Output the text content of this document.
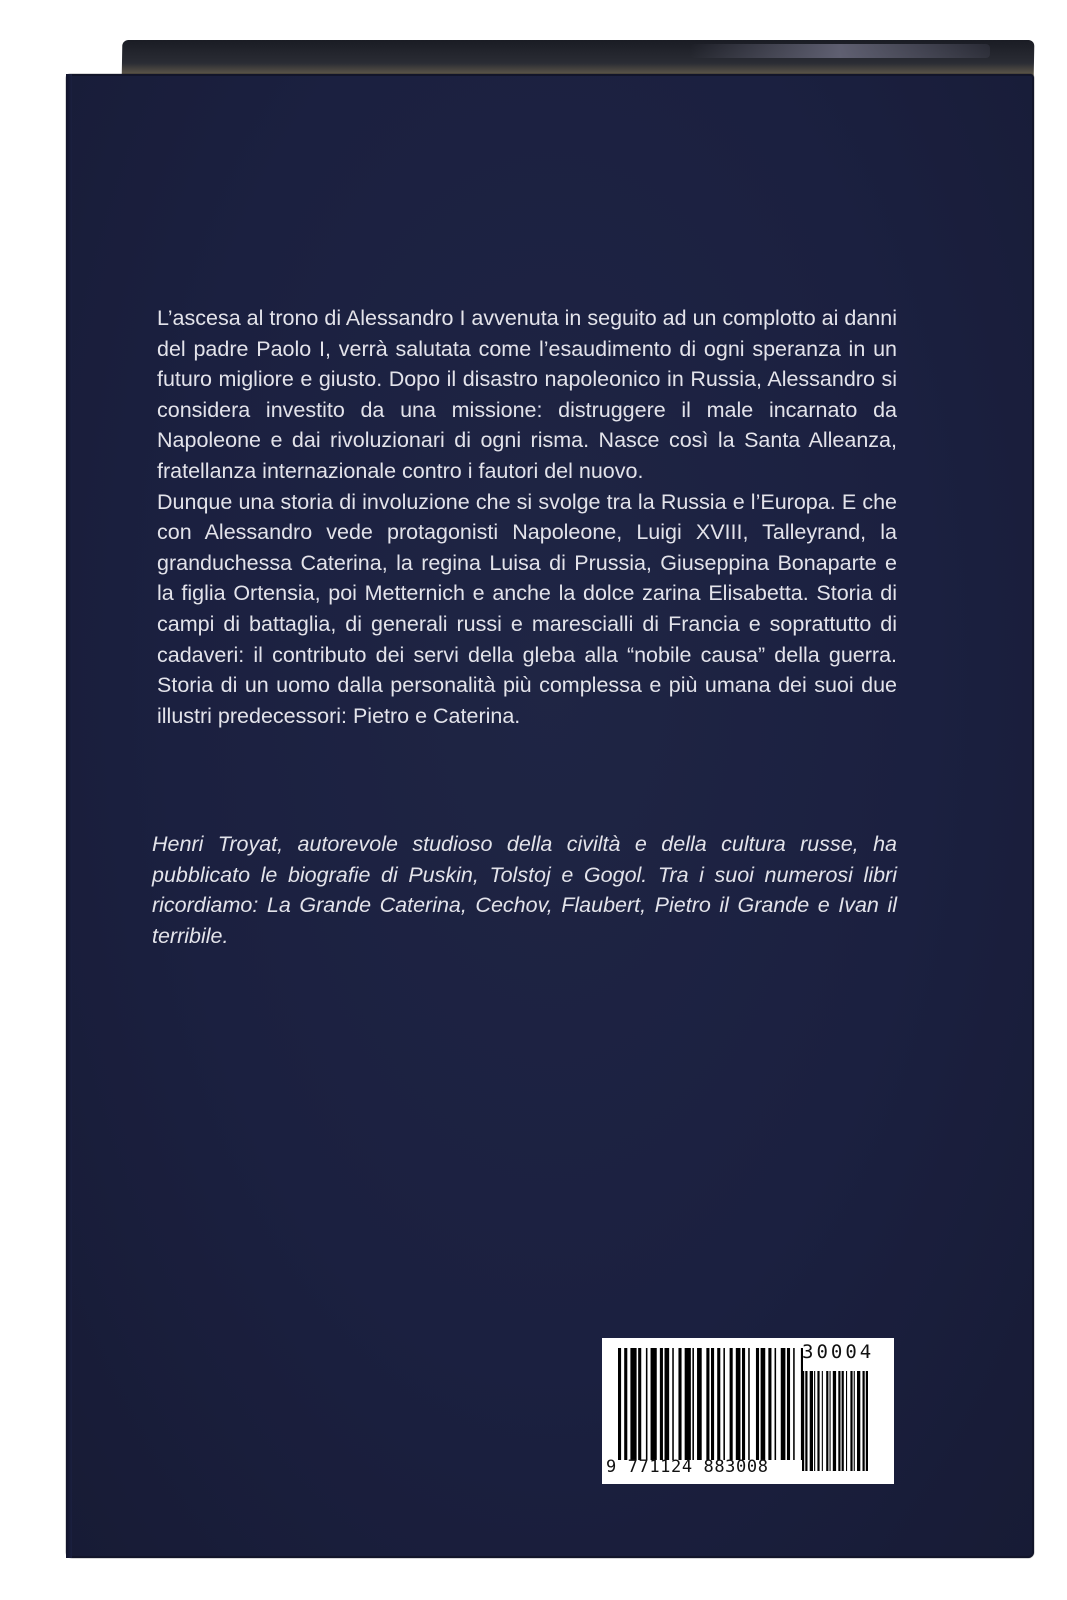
L’ascesa al trono di Alessandro I avvenuta in seguito ad un complotto ai danni del padre Paolo I, verrà salutata come l’esaudimento di ogni speranza in un futuro migliore e giusto. Dopo il disastro napoleonico in Russia, Alessandro si considera investito da una missione: distruggere il male incarnato da Napoleone e dai rivoluzionari di ogni risma. Nasce così la Santa Alleanza, fratellanza internazionale contro i fautori del nuovo.

Dunque una storia di involuzione che si svolge tra la Russia e l’Europa. E che con Alessandro vede protagonisti Napoleone, Luigi XVIII, Talleyrand, la granduchessa Caterina, la regina Luisa di Prussia, Giuseppina Bonaparte e la figlia Ortensia, poi Metternich e anche la dolce zarina Elisabetta. Storia di campi di battaglia, di generali russi e marescialli di Francia e soprattutto di cadaveri: il contributo dei servi della gleba alla “nobile causa” della guerra. Storia di un uomo dalla personalità più complessa e più umana dei suoi due illustri predecessori: Pietro e Caterina.

Henri Troyat, autorevole studioso della civiltà e della cultura russe, ha pubblicato le biografie di Puskin, Tolstoj e Gogol. Tra i suoi numerosi libri ricordiamo: La Grande Caterina, Cechov, Flaubert, Pietro il Grande e Ivan il terribile.

30004
9 771124 883008
